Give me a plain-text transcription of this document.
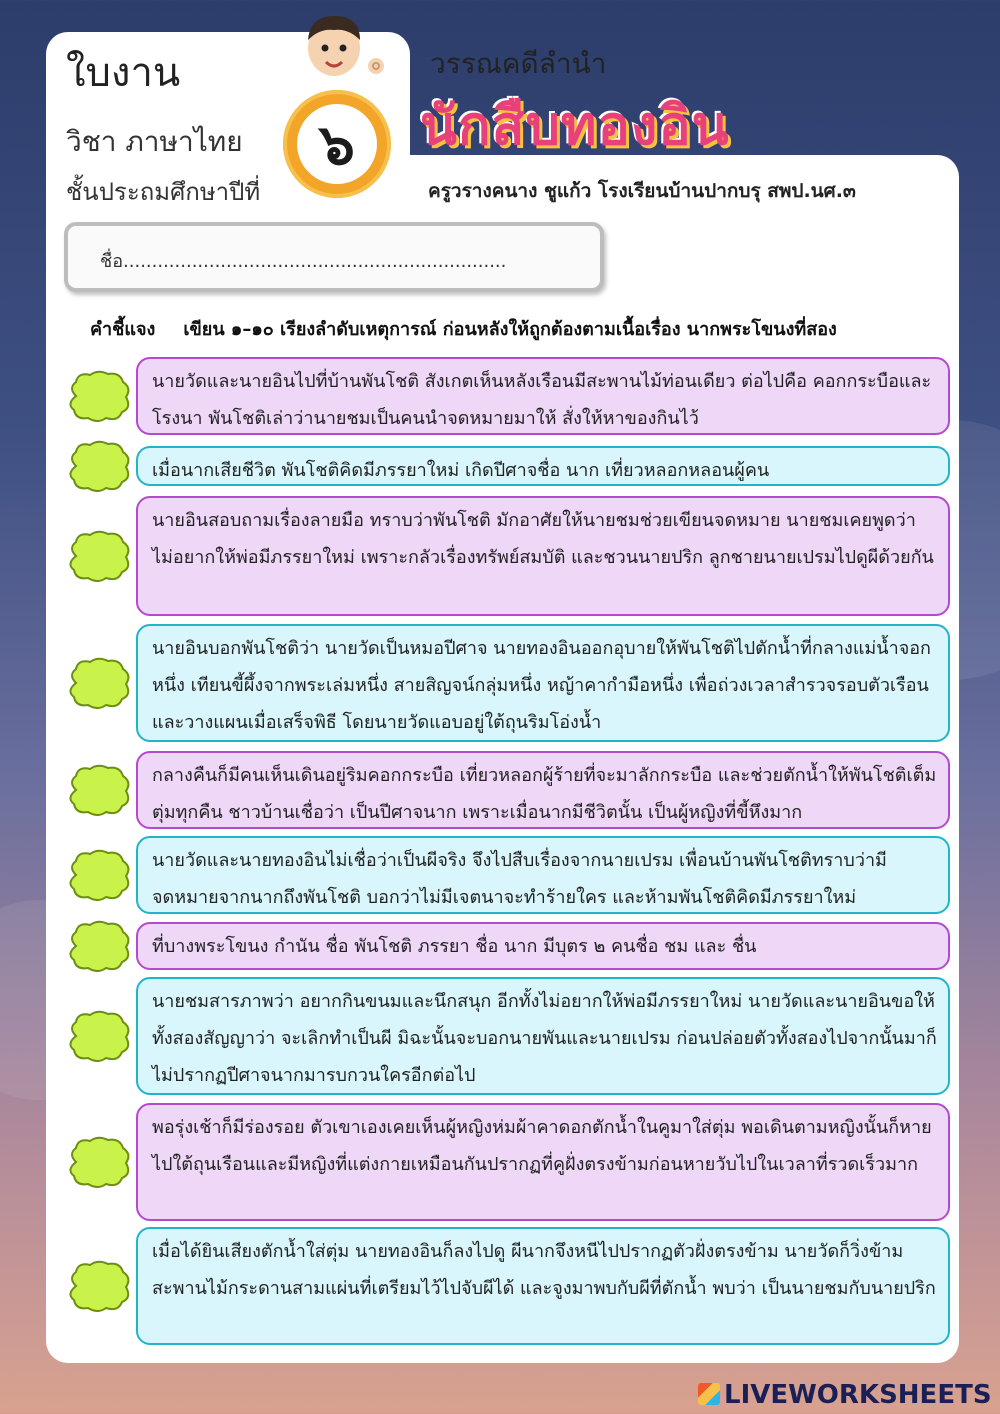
ใบงาน
วิชา ภาษาไทย
ชั้นประถมศึกษาปีที่
๖
วรรณคดีลำนำ
นักสืบทองอิน
ครูวรางคนาง ชูแก้ว โรงเรียนบ้านปากบรุ สพป.นศ.๓
ชื่อ...................................................................
คำชี้แจง เขียน ๑–๑๐ เรียงลำดับเหตุการณ์ ก่อนหลังให้ถูกต้องตามเนื้อเรื่อง นากพระโขนงที่สอง
นายวัดและนายอินไปที่บ้านพันโชติ สังเกตเห็นหลังเรือนมีสะพานไม้ท่อนเดียว ต่อไปคือ คอกกระบือและโรงนา พันโชติเล่าว่านายชมเป็นคนนำจดหมายมาให้ สั่งให้หาของกินไว้
เมื่อนากเสียชีวิต พันโชติคิดมีภรรยาใหม่ เกิดปีศาจชื่อ นาก เที่ยวหลอกหลอนผู้คน
นายอินสอบถามเรื่องลายมือ ทราบว่าพันโชติ มักอาศัยให้นายชมช่วยเขียนจดหมาย นายชมเคยพูดว่า ไม่อยากให้พ่อมีภรรยาใหม่ เพราะกลัวเรื่องทรัพย์สมบัติ และชวนนายปริก ลูกชายนายเปรมไปดูผีด้วยกัน
นายอินบอกพันโชติว่า นายวัดเป็นหมอปีศาจ นายทองอินออกอุบายให้พันโชติไปตักน้ำที่กลางแม่น้ำจอกหนึ่ง เทียนขี้ผึ้งจากพระเล่มหนึ่ง สายสิญจน์กลุ่มหนึ่ง หญ้าคากำมือหนึ่ง เพื่อถ่วงเวลาสำรวจรอบตัวเรือนและวางแผนเมื่อเสร็จพิธี โดยนายวัดแอบอยู่ใต้ถุนริมโอ่งน้ำ
กลางคืนก็มีคนเห็นเดินอยู่ริมคอกกระบือ เที่ยวหลอกผู้ร้ายที่จะมาลักกระบือ และช่วยตักน้ำให้พันโชติเต็มตุ่มทุกคืน ชาวบ้านเชื่อว่า เป็นปีศาจนาก เพราะเมื่อนากมีชีวิตนั้น เป็นผู้หญิงที่ขี้หึงมาก
นายวัดและนายทองอินไม่เชื่อว่าเป็นผีจริง จึงไปสืบเรื่องจากนายเปรม เพื่อนบ้านพันโชติทราบว่ามีจดหมายจากนากถึงพันโชติ บอกว่าไม่มีเจตนาจะทำร้ายใคร และห้ามพันโชติคิดมีภรรยาใหม่
ที่บางพระโขนง กำนัน ชื่อ พันโชติ ภรรยา ชื่อ นาก มีบุตร ๒ คนชื่อ ชม และ ชื่น
นายชมสารภาพว่า อยากกินขนมและนึกสนุก อีกทั้งไม่อยากให้พ่อมีภรรยาใหม่ นายวัดและนายอินขอให้ทั้งสองสัญญาว่า จะเลิกทำเป็นผี มิฉะนั้นจะบอกนายพันและนายเปรม ก่อนปล่อยตัวทั้งสองไปจากนั้นมาก็ไม่ปรากฏปีศาจนากมารบกวนใครอีกต่อไป
พอรุ่งเช้าก็มีร่องรอย ตัวเขาเองเคยเห็นผู้หญิงห่มผ้าคาดอกตักน้ำในคูมาใส่ตุ่ม พอเดินตามหญิงนั้นก็หายไปใต้ถุนเรือนและมีหญิงที่แต่งกายเหมือนกันปรากฏที่คูฝั่งตรงข้ามก่อนหายวับไปในเวลาที่รวดเร็วมาก
เมื่อได้ยินเสียงตักน้ำใส่ตุ่ม นายทองอินก็ลงไปดู ผีนากจึงหนีไปปรากฏตัวฝั่งตรงข้าม นายวัดก็วิ่งข้ามสะพานไม้กระดานสามแผ่นที่เตรียมไว้ไปจับผีได้ และจูงมาพบกับผีที่ตักน้ำ พบว่า เป็นนายชมกับนายปริก
LIVEWORKSHEETS
